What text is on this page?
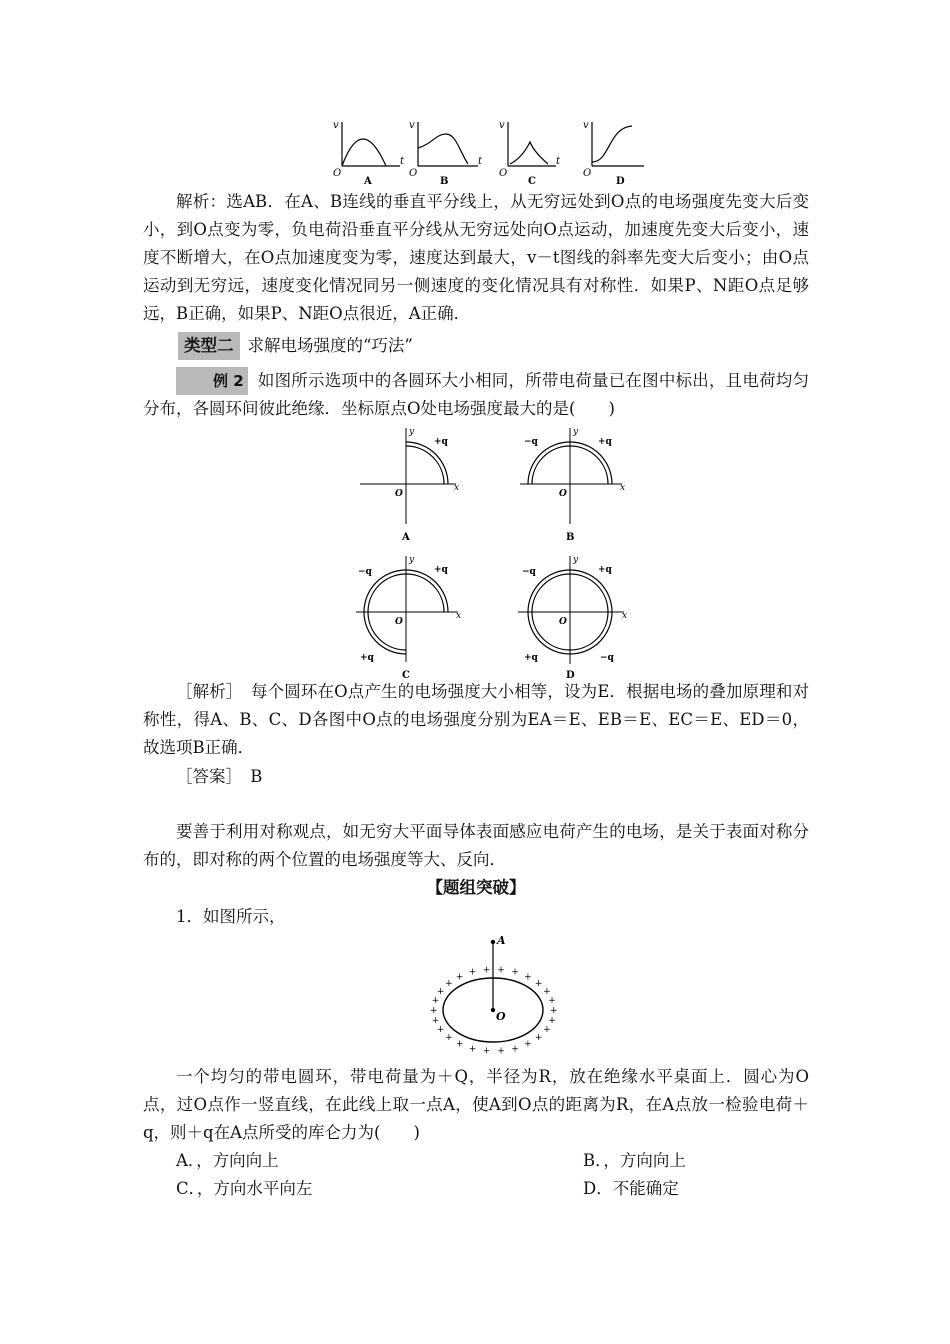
v
t
O
A
v
t
O
B
v
t
O
C
v
O
D
解析：选AB．在A、B连线的垂直平分线上，从无穷远处到O点的电场强度先变大后变小，到O点变为零，负电荷沿垂直平分线从无穷远处向O点运动，加速度先变大后变小，速度不断增大，在O点加速度变为零，速度达到最大，v－t图线的斜率先变大后变小；由O点运动到无穷远，速度变化情况同另一侧速度的变化情况具有对称性．如果P、N距O点足够远，B正确，如果P、N距O点很近，A正确．
类型二 求解电场强度的“巧法”
例 2 如图所示选项中的各圆环大小相同，所带电荷量已在图中标出，且电荷均匀分布，各圆环间彼此绝缘．坐标原点O处电场强度最大的是(　　)
y
x
O
+q
A
y
x
O
−q	+q
B
y
x
O
−q	+q
+q
C
y
x
O
−q	+q
+q	−q
D
［解析］　 每个圆环在O点产生的电场强度大小相等，设为E．根据电场的叠加原理和对称性，得A、B、C、D各图中O点的电场强度分别为EA＝E、EB＝E、EC＝E、ED＝0，故选项B正确．
［答案］　 B
要善于利用对称观点，如无穷大平面导体表面感应电荷产生的电场，是关于表面对称分布的，即对称的两个位置的电场强度等大、反向．
【题组突破】
1．如图所示，
+
+
+
+
+
+
+
+
+
+
+
+
+
+
+
+
+
+ + + + + +
+
+
+
A
O
一个均匀的带电圆环，带电荷量为＋Q，半径为R，放在绝缘水平桌面上．圆心为O点，过O点作一竖直线，在此线上取一点A，使A到O点的距离为R，在A点放一检验电荷＋q，则＋q在A点所受的库仑力为(　　)
A．，方向向上	B．，方向向上
C．，方向水平向左	D．不能确定
